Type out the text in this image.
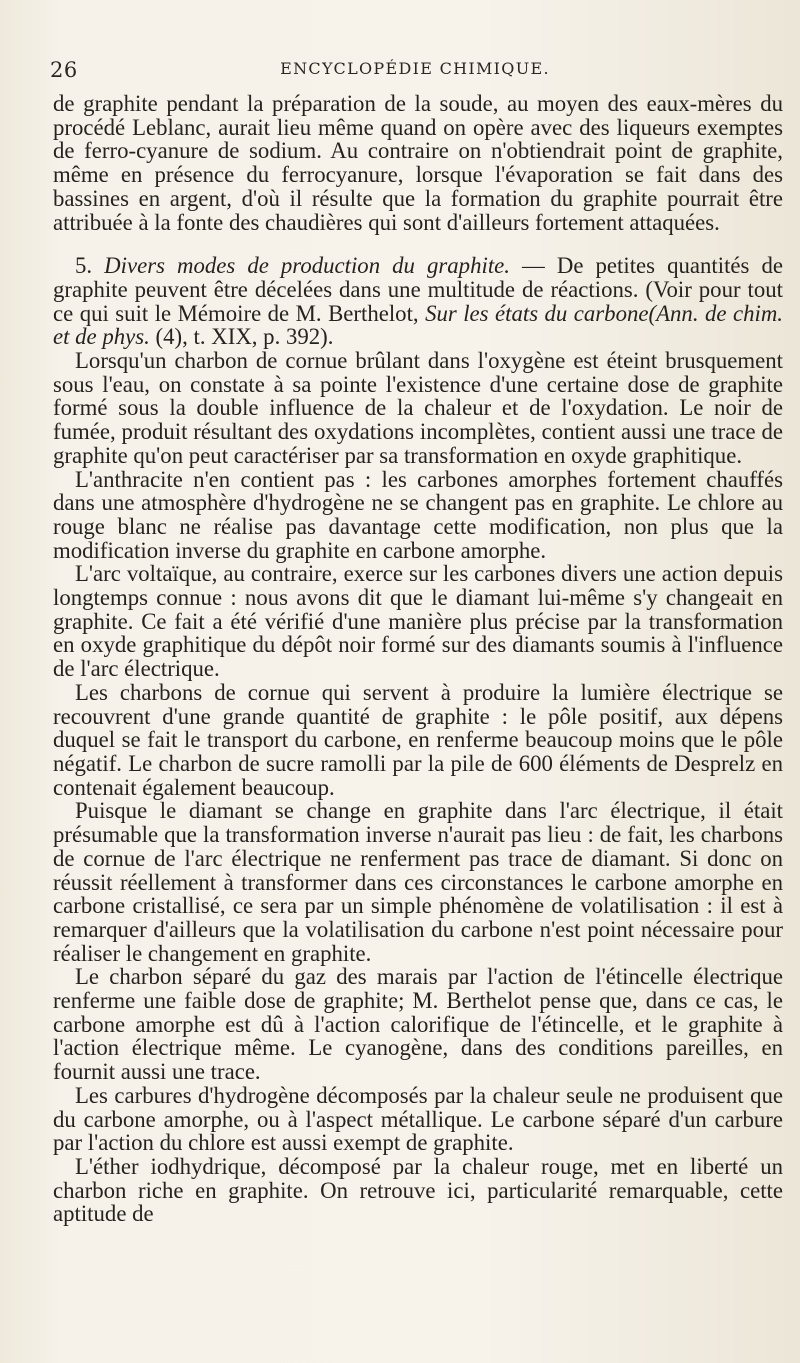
26	ENCYCLOPÉDIE CHIMIQUE.

de graphite pendant la préparation de la soude, au moyen des eaux-mères du procédé Leblanc, aurait lieu même quand on opère avec des liqueurs exemptes de ferro-cyanure de sodium. Au contraire on n'obtiendrait point de graphite, même en présence du ferrocyanure, lorsque l'évaporation se fait dans des bassines en argent, d'où il résulte que la formation du graphite pourrait être attribuée à la fonte des chaudières qui sont d'ailleurs fortement attaquées.

5. Divers modes de production du graphite. — De petites quantités de graphite peuvent être décelées dans une multitude de réactions. (Voir pour tout ce qui suit le Mémoire de M. Berthelot, Sur les états du carbone(Ann. de chim. et de phys. (4), t. XIX, p. 392).

Lorsqu'un charbon de cornue brûlant dans l'oxygène est éteint brusquement sous l'eau, on constate à sa pointe l'existence d'une certaine dose de graphite formé sous la double influence de la chaleur et de l'oxydation. Le noir de fumée, produit résultant des oxydations incomplètes, contient aussi une trace de graphite qu'on peut caractériser par sa transformation en oxyde graphitique.

L'anthracite n'en contient pas : les carbones amorphes fortement chauffés dans une atmosphère d'hydrogène ne se changent pas en graphite. Le chlore au rouge blanc ne réalise pas davantage cette modification, non plus que la modification inverse du graphite en carbone amorphe.

L'arc voltaïque, au contraire, exerce sur les carbones divers une action depuis longtemps connue : nous avons dit que le diamant lui-même s'y changeait en graphite. Ce fait a été vérifié d'une manière plus précise par la transformation en oxyde graphitique du dépôt noir formé sur des diamants soumis à l'influence de l'arc électrique.

Les charbons de cornue qui servent à produire la lumière électrique se recouvrent d'une grande quantité de graphite : le pôle positif, aux dépens duquel se fait le transport du carbone, en renferme beaucoup moins que le pôle négatif. Le charbon de sucre ramolli par la pile de 600 éléments de Desprelz en contenait également beaucoup.

Puisque le diamant se change en graphite dans l'arc électrique, il était présumable que la transformation inverse n'aurait pas lieu : de fait, les charbons de cornue de l'arc électrique ne renferment pas trace de diamant. Si donc on réussit réellement à transformer dans ces circonstances le carbone amorphe en carbone cristallisé, ce sera par un simple phénomène de volatilisation : il est à remarquer d'ailleurs que la volatilisation du carbone n'est point nécessaire pour réaliser le changement en graphite.

Le charbon séparé du gaz des marais par l'action de l'étincelle électrique renferme une faible dose de graphite; M. Berthelot pense que, dans ce cas, le carbone amorphe est dû à l'action calorifique de l'étincelle, et le graphite à l'action électrique même. Le cyanogène, dans des conditions pareilles, en fournit aussi une trace.

Les carbures d'hydrogène décomposés par la chaleur seule ne produisent que du carbone amorphe, ou à l'aspect métallique. Le carbone séparé d'un carbure par l'action du chlore est aussi exempt de graphite.

L'éther iodhydrique, décomposé par la chaleur rouge, met en liberté un charbon riche en graphite. On retrouve ici, particularité remarquable, cette aptitude de
